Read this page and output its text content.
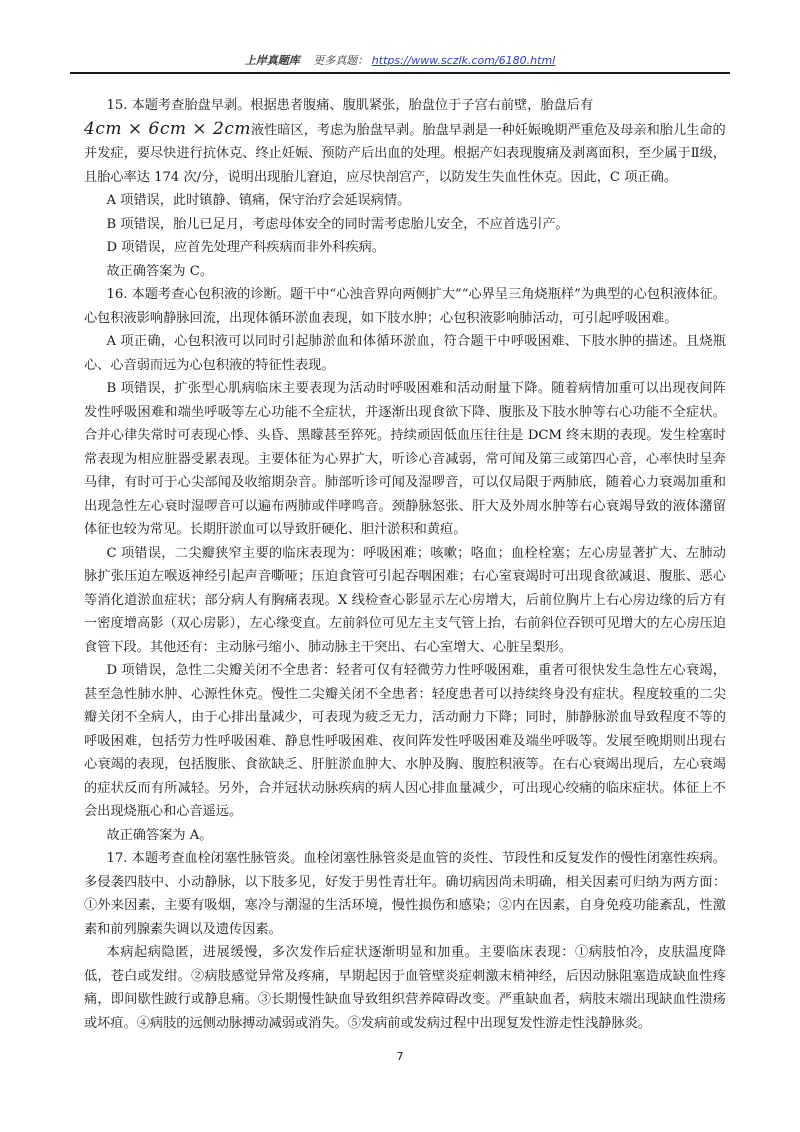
上岸真题库 更多真题： https://www.sczlk.com/6180.html

15. 本题考查胎盘早剥。根据患者腹痛、腹肌紧张，胎盘位于子宫右前壁，胎盘后有

4cm × 6cm × 2cm液性暗区，考虑为胎盘早剥。胎盘早剥是一种妊娠晚期严重危及母亲和胎儿生命的

并发症，要尽快进行抗休克、终止妊娠、预防产后出血的处理。根据产妇表现腹痛及剥离面积，至少属于Ⅱ级，且胎心率达 174 次/分，说明出现胎儿窘迫，应尽快剖宫产，以防发生失血性休克。因此，C 项正确。

A 项错误，此时镇静、镇痛，保守治疗会延误病情。

B 项错误，胎儿已足月，考虑母体安全的同时需考虑胎儿安全，不应首选引产。

D 项错误，应首先处理产科疾病而非外科疾病。

故正确答案为 C。

16. 本题考查心包积液的诊断。题干中“心浊音界向两侧扩大”“心界呈三角烧瓶样”为典型的心包积液体征。心包积液影响静脉回流，出现体循环淤血表现，如下肢水肿；心包积液影响肺活动，可引起呼吸困难。

A 项正确，心包积液可以同时引起肺淤血和体循环淤血，符合题干中呼吸困难、下肢水肿的描述。且烧瓶心、心音弱而远为心包积液的特征性表现。

B 项错误，扩张型心肌病临床主要表现为活动时呼吸困难和活动耐量下降。随着病情加重可以出现夜间阵发性呼吸困难和端坐呼吸等左心功能不全症状，并逐渐出现食欲下降、腹胀及下肢水肿等右心功能不全症状。合并心律失常时可表现心悸、头昏、黑矇甚至猝死。持续顽固低血压往往是 DCM 终末期的表现。发生栓塞时常表现为相应脏器受累表现。主要体征为心界扩大，听诊心音减弱，常可闻及第三或第四心音，心率快时呈奔马律，有时可于心尖部闻及收缩期杂音。肺部听诊可闻及湿啰音，可以仅局限于两肺底，随着心力衰竭加重和出现急性左心衰时湿啰音可以遍布两肺或伴哮鸣音。颈静脉怒张、肝大及外周水肿等右心衰竭导致的液体潴留体征也较为常见。长期肝淤血可以导致肝硬化、胆汁淤积和黄疸。

C 项错误，二尖瓣狭窄主要的临床表现为：呼吸困难；咳嗽；咯血；血栓栓塞；左心房显著扩大、左肺动脉扩张压迫左喉返神经引起声音嘶哑；压迫食管可引起吞咽困难；右心室衰竭时可出现食欲减退、腹胀、恶心等消化道淤血症状；部分病人有胸痛表现。X 线检查心影显示左心房增大，后前位胸片上右心房边缘的后方有一密度增高影（双心房影），左心缘变直。左前斜位可见左主支气管上抬，右前斜位吞钡可见增大的左心房压迫食管下段。其他还有：主动脉弓缩小、肺动脉主干突出、右心室增大、心脏呈梨形。

D 项错误，急性二尖瓣关闭不全患者：轻者可仅有轻微劳力性呼吸困难，重者可很快发生急性左心衰竭，甚至急性肺水肿、心源性休克。慢性二尖瓣关闭不全患者：轻度患者可以持续终身没有症状。程度较重的二尖瓣关闭不全病人，由于心排出量减少，可表现为疲乏无力，活动耐力下降；同时，肺静脉淤血导致程度不等的呼吸困难，包括劳力性呼吸困难、静息性呼吸困难、夜间阵发性呼吸困难及端坐呼吸等。发展至晚期则出现右心衰竭的表现，包括腹胀、食欲缺乏、肝脏淤血肿大、水肿及胸、腹腔积液等。在右心衰竭出现后，左心衰竭的症状反而有所减轻。另外，合并冠状动脉疾病的病人因心排血量减少，可出现心绞痛的临床症状。体征上不会出现烧瓶心和心音遥远。

故正确答案为 A。

17. 本题考查血栓闭塞性脉管炎。血栓闭塞性脉管炎是血管的炎性、节段性和反复发作的慢性闭塞性疾病。多侵袭四肢中、小动静脉，以下肢多见，好发于男性青壮年。确切病因尚未明确，相关因素可归纳为两方面：①外来因素，主要有吸烟，寒冷与潮湿的生活环境，慢性损伤和感染；②内在因素，自身免疫功能紊乱，性激素和前列腺素失调以及遗传因素。

本病起病隐匿，进展缓慢，多次发作后症状逐渐明显和加重。主要临床表现：①病肢怕冷，皮肤温度降低，苍白或发绀。②病肢感觉异常及疼痛，早期起因于血管壁炎症刺激末梢神经，后因动脉阻塞造成缺血性疼痛，即间歇性跛行或静息痛。③长期慢性缺血导致组织营养障碍改变。严重缺血者，病肢末端出现缺血性溃疡或坏疽。④病肢的远侧动脉搏动减弱或消失。⑤发病前或发病过程中出现复发性游走性浅静脉炎。

7
